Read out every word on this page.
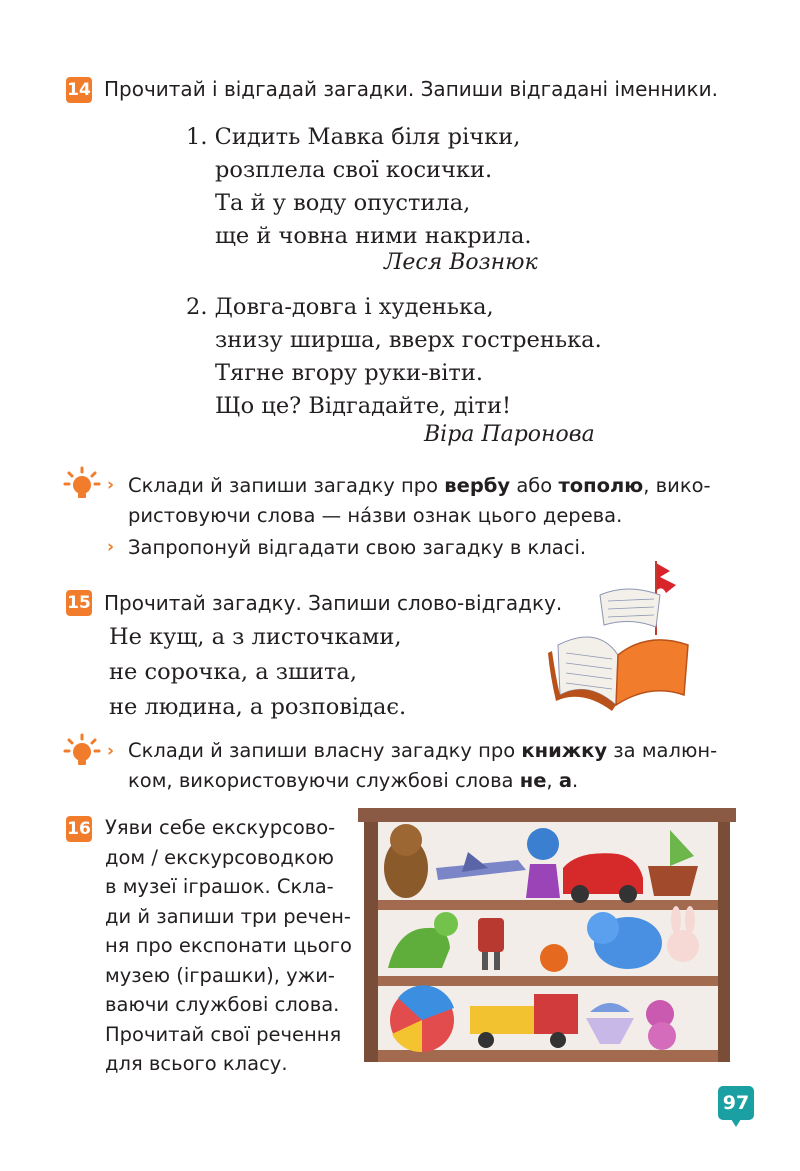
14 Прочитай і відгадай загадки. Запиши відгадані іменники.
1. Сидить Мавка біля річки,
розплела свої косички.
Та й у воду опустила,
ще й човна ними накрила.
Леся Вознюк
2. Довга-довга і худенька,
знизу ширша, вверх гостренька.
Тягне вгору руки-віти.
Що це? Відгадайте, діти!
Віра Паронова
› Склади й запиши загадку про вербу або тополю, вико-
ристовуючи слова — на́зви ознак цього дерева.
› Запропонуй відгадати свою загадку в класі.
15 Прочитай загадку. Запиши слово-відгадку.
Не кущ, а з листочками,
не сорочка, а зшита,
не людина, а розповідає.
› Склади й запиши власну загадку про книжку за малюн-
ком, використовуючи службові слова не, а.
16 Уяви себе екскурсово-
дом / екскурсоводкою
в музеї іграшок. Скла-
ди й запиши три речен-
ня про експонати цього
музею (іграшки), ужи-
ваючи службові слова.
Прочитай свої речення
для всього класу.
97
